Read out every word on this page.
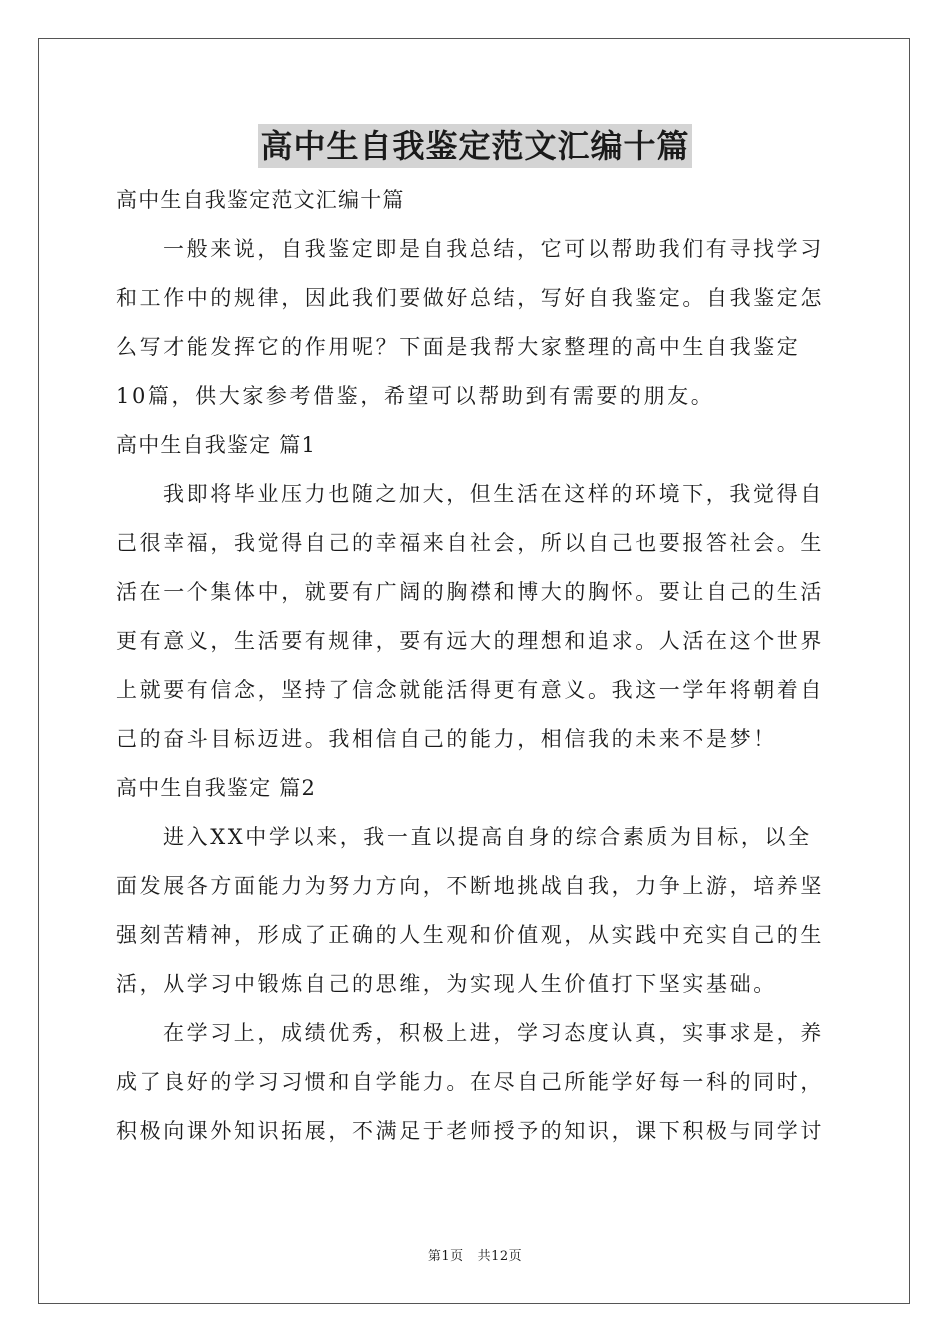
高中生自我鉴定范文汇编十篇
高中生自我鉴定范文汇编十篇
一般来说，自我鉴定即是自我总结，它可以帮助我们有寻找学习
和工作中的规律，因此我们要做好总结，写好自我鉴定。自我鉴定怎
么写才能发挥它的作用呢？下面是我帮大家整理的高中生自我鉴定
10篇，供大家参考借鉴，希望可以帮助到有需要的朋友。
高中生自我鉴定 篇1
我即将毕业压力也随之加大，但生活在这样的环境下，我觉得自
己很幸福，我觉得自己的幸福来自社会，所以自己也要报答社会。生
活在一个集体中，就要有广阔的胸襟和博大的胸怀。要让自己的生活
更有意义，生活要有规律，要有远大的理想和追求。人活在这个世界
上就要有信念，坚持了信念就能活得更有意义。我这一学年将朝着自
己的奋斗目标迈进。我相信自己的能力，相信我的未来不是梦！
高中生自我鉴定 篇2
进入XX中学以来，我一直以提高自身的综合素质为目标，以全
面发展各方面能力为努力方向，不断地挑战自我，力争上游，培养坚
强刻苦精神，形成了正确的人生观和价值观，从实践中充实自己的生
活，从学习中锻炼自己的思维，为实现人生价值打下坚实基础。
在学习上，成绩优秀，积极上进，学习态度认真，实事求是，养
成了良好的学习习惯和自学能力。在尽自己所能学好每一科的同时，
积极向课外知识拓展，不满足于老师授予的知识，课下积极与同学讨
第1页 共12页
